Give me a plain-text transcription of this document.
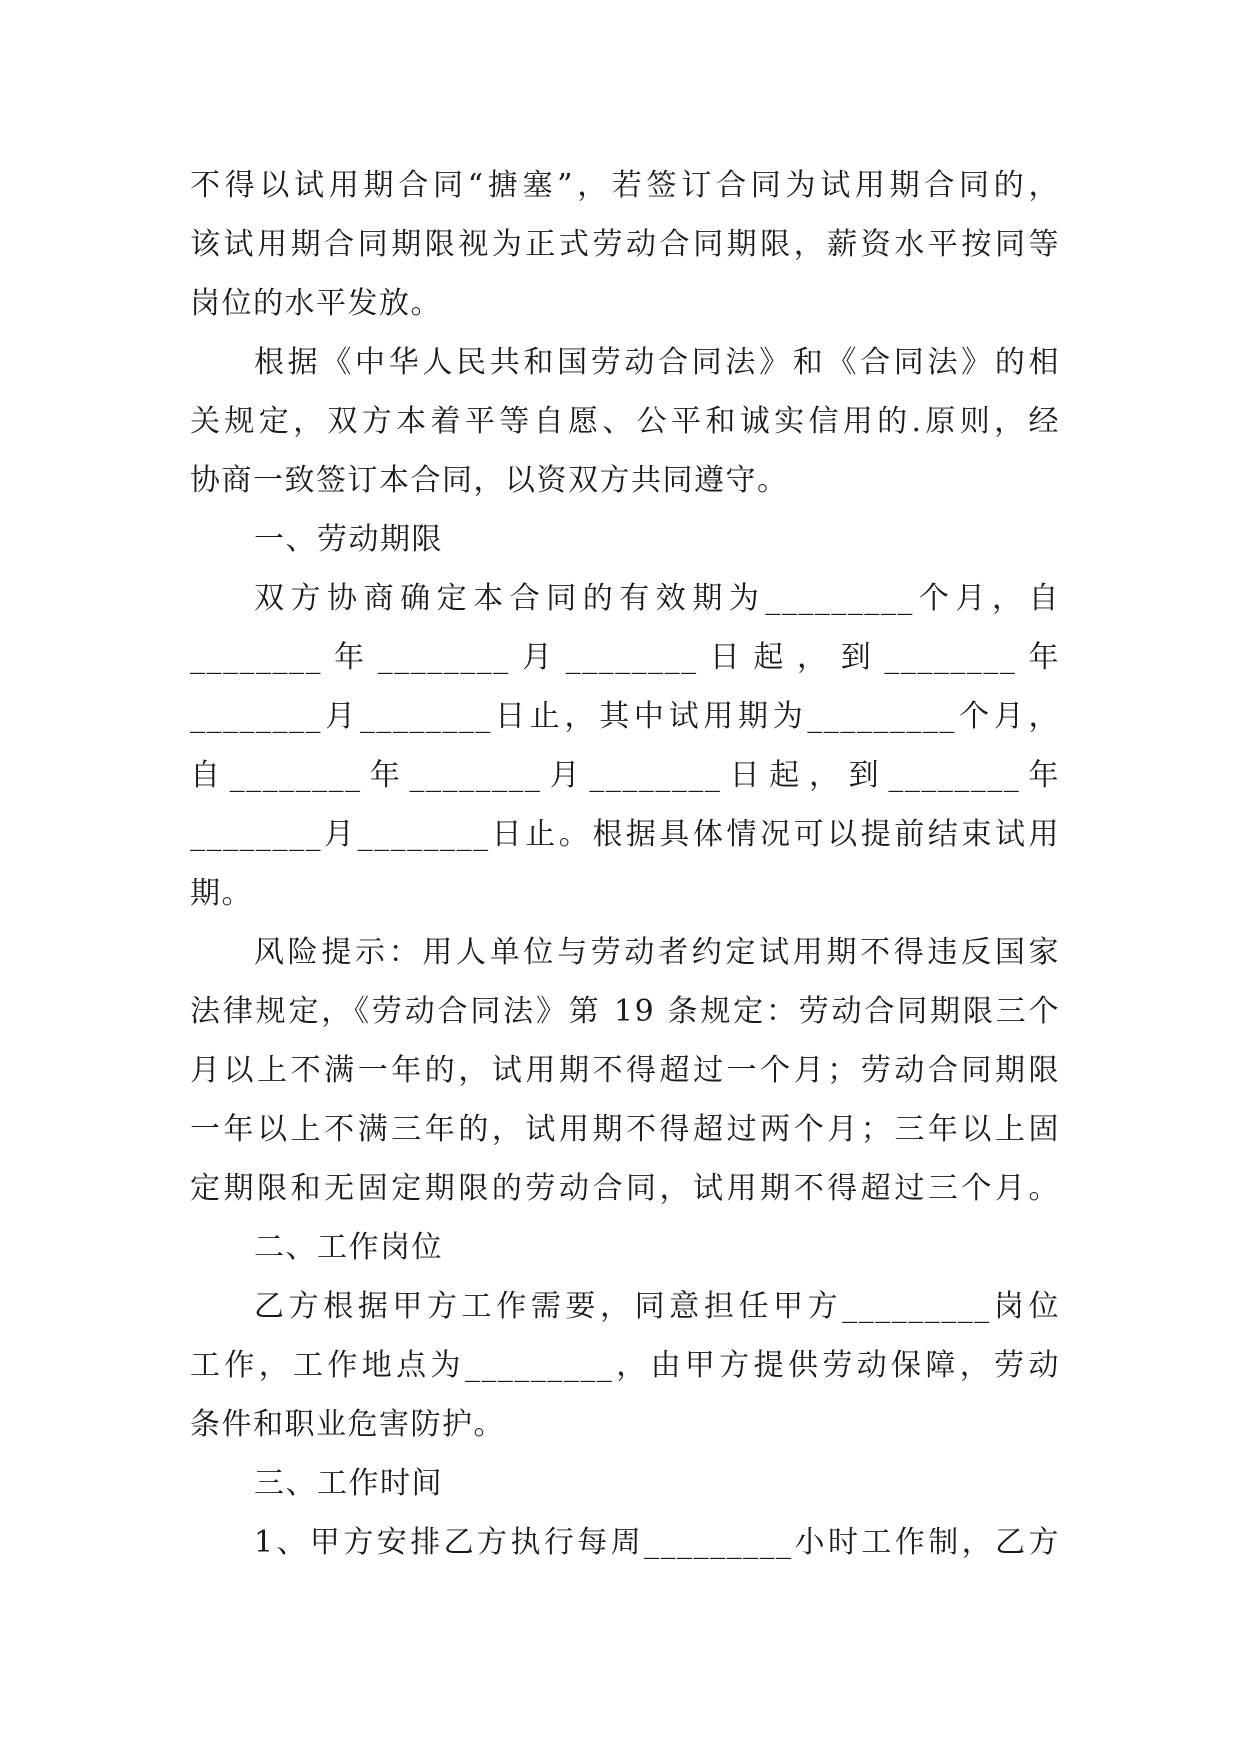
不得以试用期合同“搪塞”，若签订合同为试用期合同的，
该试用期合同期限视为正式劳动合同期限，薪资水平按同等
岗位的水平发放。
根据《中华人民共和国劳动合同法》和《合同法》的相
关规定，双方本着平等自愿、公平和诚实信用的.原则，经
协商一致签订本合同，以资双方共同遵守。
一、劳动期限
双方协商确定本合同的有效期为_________个月，自
________年________月________日起，到________年
________月________日止，其中试用期为_________个月，
自________年________月________日起，到________年
________月________日止。根据具体情况可以提前结束试用
期。
风险提示：用人单位与劳动者约定试用期不得违反国家
法律规定，《劳动合同法》第 19 条规定：劳动合同期限三个
月以上不满一年的，试用期不得超过一个月；劳动合同期限
一年以上不满三年的，试用期不得超过两个月；三年以上固
定期限和无固定期限的劳动合同，试用期不得超过三个月。
二、工作岗位
乙方根据甲方工作需要，同意担任甲方_________岗位
工作，工作地点为_________，由甲方提供劳动保障，劳动
条件和职业危害防护。
三、工作时间
1、甲方安排乙方执行每周_________小时工作制，乙方
